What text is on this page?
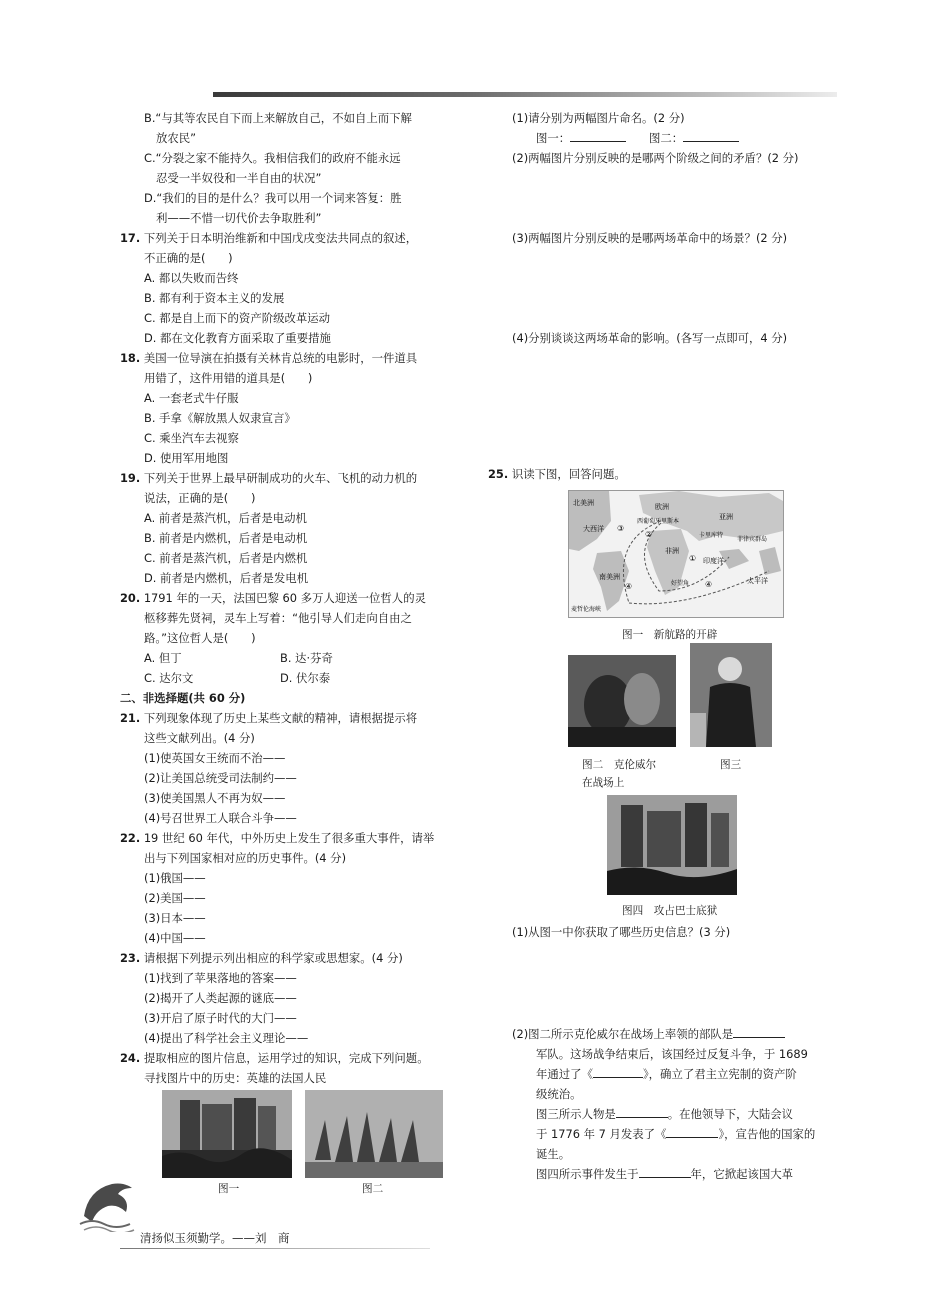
B.“与其等农民自下而上来解放自己，不如自上而下解
放农民”
C.“分裂之家不能持久。我相信我们的政府不能永远
忍受一半奴役和一半自由的状况”
D.“我们的目的是什么？我可以用一个词来答复：胜
利——不惜一切代价去争取胜利”
17. 下列关于日本明治维新和中国戊戌变法共同点的叙述，
不正确的是(　　)
A. 都以失败而告终
B. 都有利于资本主义的发展
C. 都是自上而下的资产阶级改革运动
D. 都在文化教育方面采取了重要措施
18. 美国一位导演在拍摄有关林肯总统的电影时，一件道具
用错了，这件用错的道具是(　　)
A. 一套老式牛仔服
B. 手拿《解放黑人奴隶宣言》
C. 乘坐汽车去视察
D. 使用军用地图
19. 下列关于世界上最早研制成功的火车、飞机的动力机的
说法，正确的是(　　)
A. 前者是蒸汽机，后者是电动机
B. 前者是内燃机，后者是电动机
C. 前者是蒸汽机，后者是内燃机
D. 前者是内燃机，后者是发电机
20. 1791 年的一天，法国巴黎 60 多万人迎送一位哲人的灵
柩移葬先贤祠，灵车上写着：“他引导人们走向自由之
路。”这位哲人是(　　)
A. 但丁	B. 达·芬奇
C. 达尔文	D. 伏尔泰
二、非选择题(共 60 分)
21. 下列现象体现了历史上某些文献的精神，请根据提示将
这些文献列出。(4 分)
(1)使英国女王统而不治——
(2)让美国总统受司法制约——
(3)使美国黑人不再为奴——
(4)号召世界工人联合斗争——
22. 19 世纪 60 年代，中外历史上发生了很多重大事件，请举
出与下列国家相对应的历史事件。(4 分)
(1)俄国——
(2)美国——
(3)日本——
(4)中国——
23. 请根据下列提示列出相应的科学家或思想家。(4 分)
(1)找到了苹果落地的答案——
(2)揭开了人类起源的谜底——
(3)开启了原子时代的大门——
(4)提出了科学社会主义理论——
24. 提取相应的图片信息，运用学过的知识，完成下列问题。
寻找图片中的历史：英雄的法国人民
图一	图二
(1)请分别为两幅图片命名。(2 分)
图一：　　	图二：
(2)两幅图片分别反映的是哪两个阶级之间的矛盾？(2 分)
(3)两幅图片分别反映的是哪两场革命中的场景？(2 分)
(4)分别谈谈这两场革命的影响。(各写一点即可，4 分)
25. 识读下图，回答问题。
北美洲
大西洋
南美洲
欧洲
西葡萄牙里斯本
非洲
亚洲
卡里库特
菲律宾群岛
印度洋
好望角	太平洋
麦哲伦海峡
③
②
①
④	④
图一　新航路的开辟
图二　克伦威尔
在战场上
图三
图四　攻占巴士底狱
(1)从图一中你获取了哪些历史信息？(3 分)
(2)图二所示克伦威尔在战场上率领的部队是
军队。这场战争结束后，该国经过反复斗争，于 1689
年通过了《	》，确立了君主立宪制的资产阶
级统治。
图三所示人物是	。在他领导下，大陆会议
于 1776 年 7 月发表了《	》，宣告他的国家的
诞生。
图四所示事件发生于	年，它掀起该国大革
清扬似玉须勤学。——刘　商
